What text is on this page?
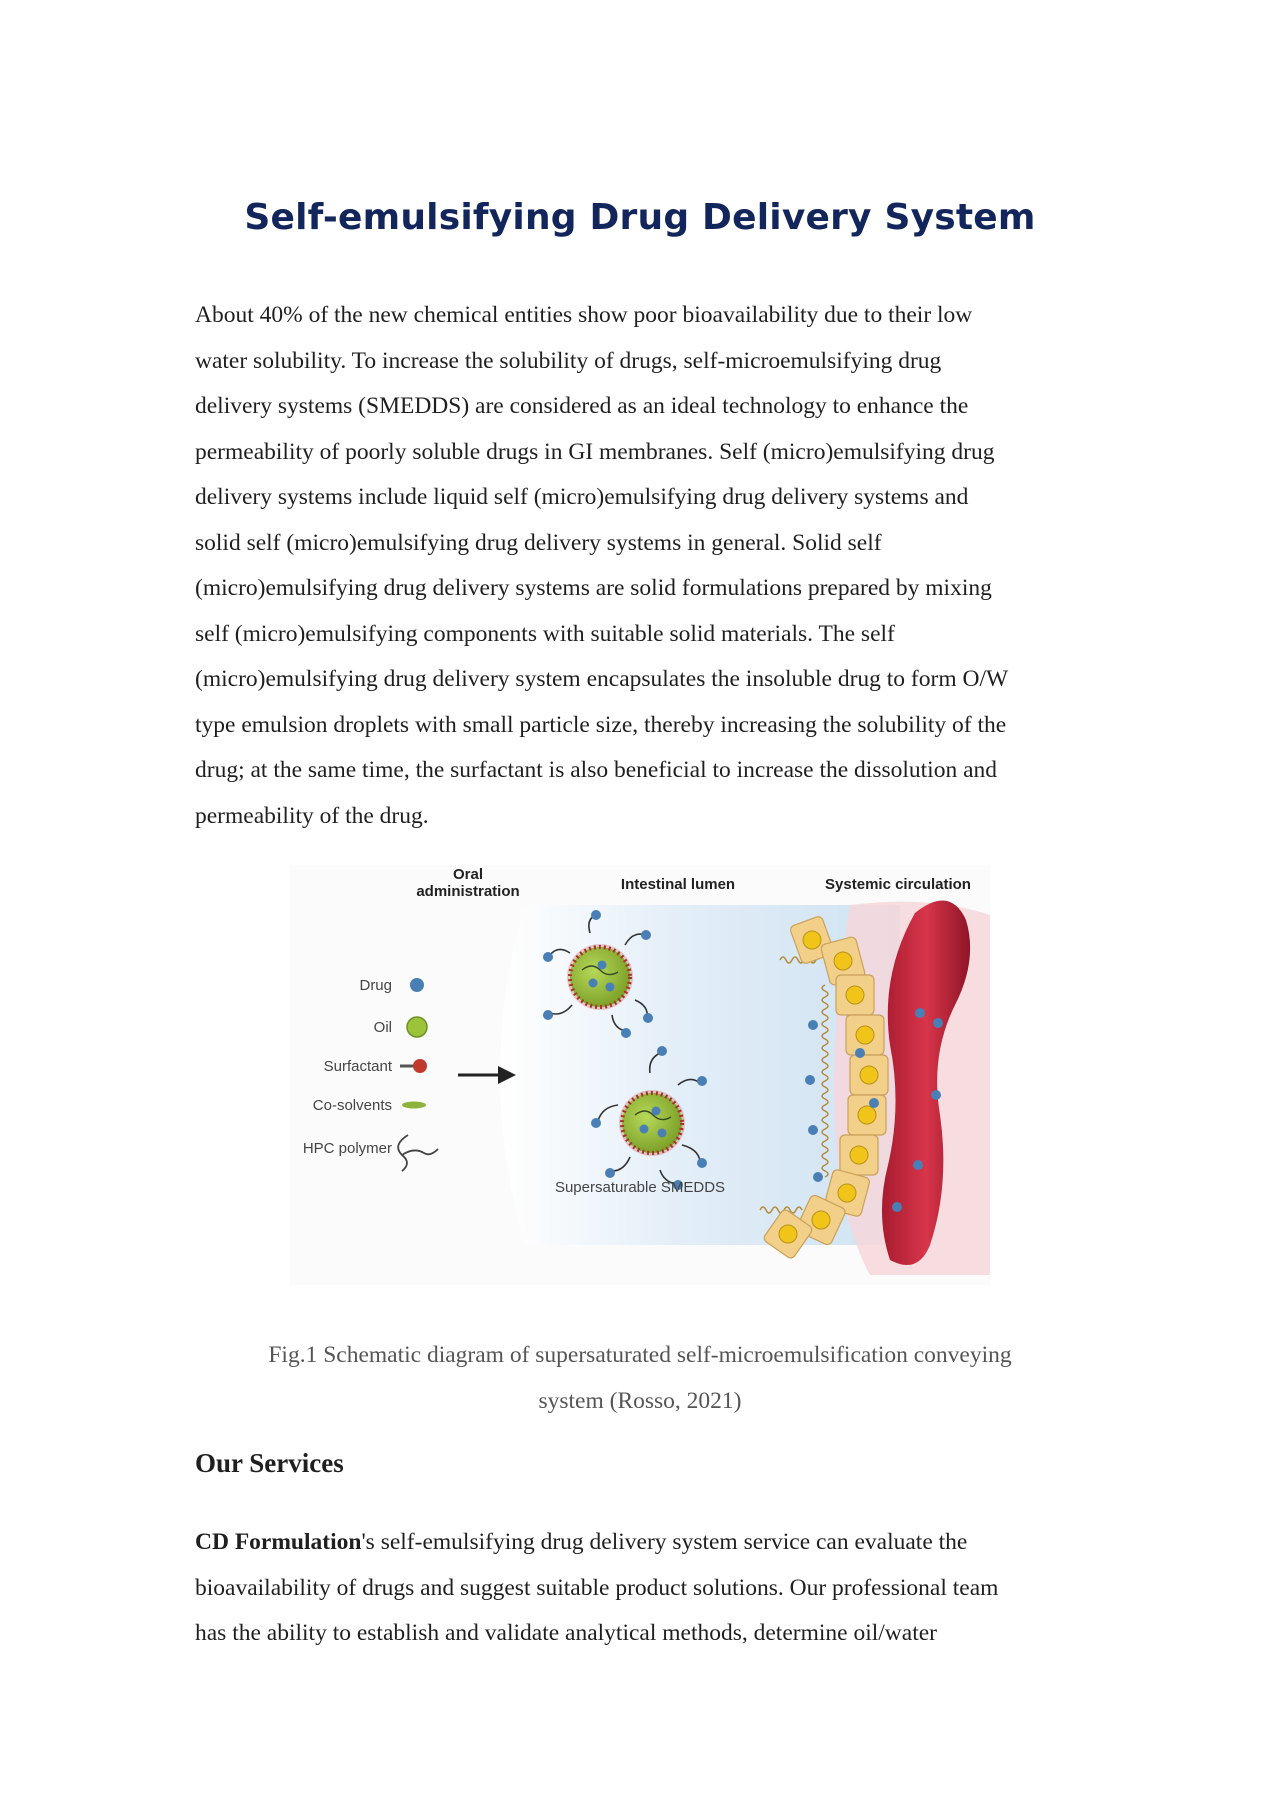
Self-emulsifying Drug Delivery System

About 40% of the new chemical entities show poor bioavailability due to their low
water solubility. To increase the solubility of drugs, self-microemulsifying drug
delivery systems (SMEDDS) are considered as an ideal technology to enhance the
permeability of poorly soluble drugs in GI membranes. Self (micro)emulsifying drug
delivery systems include liquid self (micro)emulsifying drug delivery systems and
solid self (micro)emulsifying drug delivery systems in general. Solid self
(micro)emulsifying drug delivery systems are solid formulations prepared by mixing
self (micro)emulsifying components with suitable solid materials. The self
(micro)emulsifying drug delivery system encapsulates the insoluble drug to form O/W
type emulsion droplets with small particle size, thereby increasing the solubility of the
drug; at the same time, the surfactant is also beneficial to increase the dissolution and
permeability of the drug.

Oral
administration	Intestinal lumen	Systemic circulation
Drug
Oil
Surfactant
Co-solvents
HPC polymer
Supersaturable SMEDDS

Fig.1 Schematic diagram of supersaturated self-microemulsification conveying
system (Rosso, 2021)

Our Services

CD Formulation's self-emulsifying drug delivery system service can evaluate the
bioavailability of drugs and suggest suitable product solutions. Our professional team
has the ability to establish and validate analytical methods, determine oil/water
